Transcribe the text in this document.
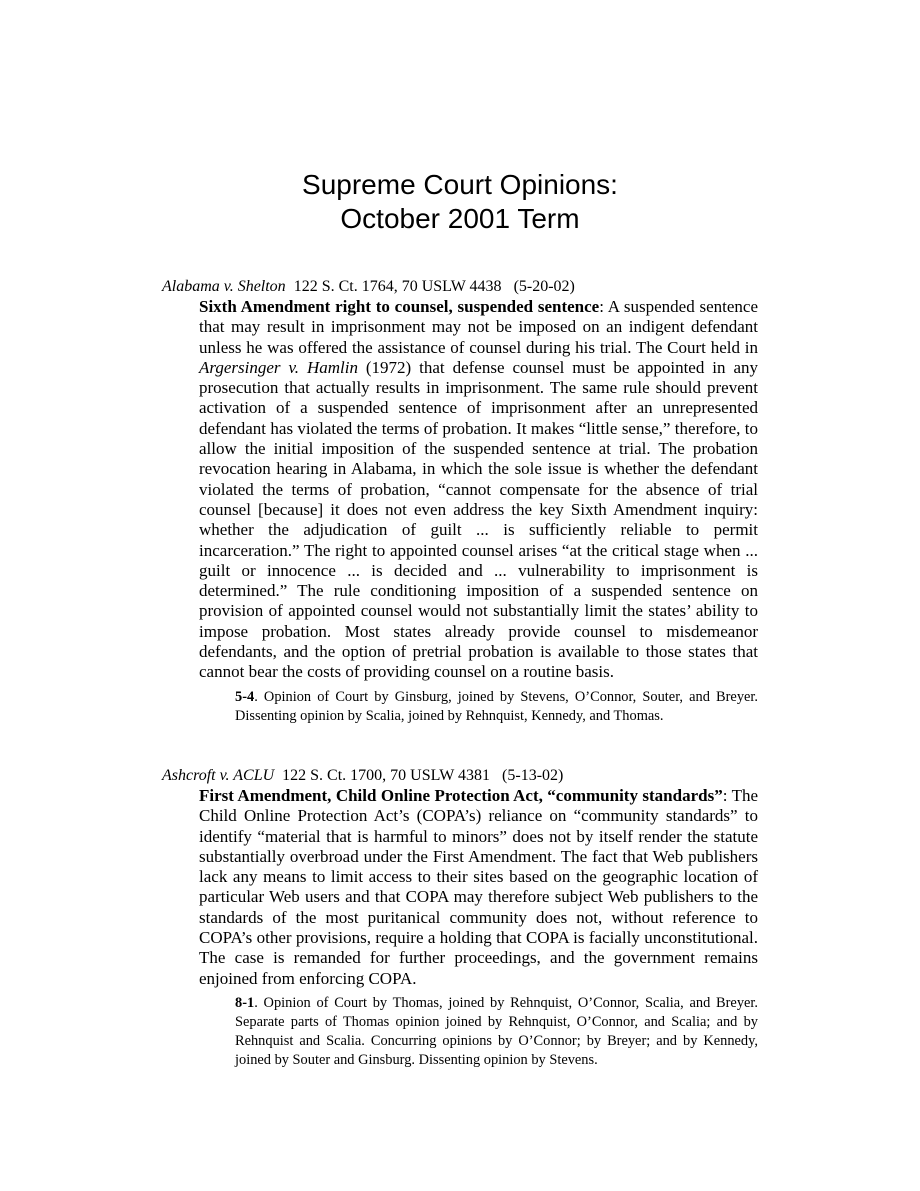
Supreme Court Opinions:
October 2001 Term
Alabama v. Shelton 122 S. Ct. 1764, 70 USLW 4438 (5-20-02)
Sixth Amendment right to counsel, suspended sentence: A suspended sentence that may result in imprisonment may not be imposed on an indigent defendant unless he was offered the assistance of counsel during his trial. The Court held in Argersinger v. Hamlin (1972) that defense counsel must be appointed in any prosecution that actually results in imprisonment. The same rule should prevent activation of a suspended sentence of imprisonment after an unrepresented defendant has violated the terms of probation. It makes “little sense,” therefore, to allow the initial imposition of the suspended sentence at trial. The probation revocation hearing in Alabama, in which the sole issue is whether the defendant violated the terms of probation, “cannot compensate for the absence of trial counsel [because] it does not even address the key Sixth Amendment inquiry: whether the adjudication of guilt ... is sufficiently reliable to permit incarceration.” The right to appointed counsel arises “at the critical stage when ... guilt or innocence ... is decided and ... vulnerability to imprisonment is determined.” The rule conditioning imposition of a suspended sentence on provision of appointed counsel would not substantially limit the states’ ability to impose probation. Most states already provide counsel to misdemeanor defendants, and the option of pretrial probation is available to those states that cannot bear the costs of providing counsel on a routine basis.
5-4. Opinion of Court by Ginsburg, joined by Stevens, O’Connor, Souter, and Breyer. Dissenting opinion by Scalia, joined by Rehnquist, Kennedy, and Thomas.
Ashcroft v. ACLU 122 S. Ct. 1700, 70 USLW 4381 (5-13-02)
First Amendment, Child Online Protection Act, “community standards”: The Child Online Protection Act’s (COPA’s) reliance on “community standards” to identify “material that is harmful to minors” does not by itself render the statute substantially overbroad under the First Amendment. The fact that Web publishers lack any means to limit access to their sites based on the geographic location of particular Web users and that COPA may therefore subject Web publishers to the standards of the most puritanical community does not, without reference to COPA’s other provisions, require a holding that COPA is facially unconstitutional. The case is remanded for further proceedings, and the government remains enjoined from enforcing COPA.
8-1. Opinion of Court by Thomas, joined by Rehnquist, O’Connor, Scalia, and Breyer. Separate parts of Thomas opinion joined by Rehnquist, O’Connor, and Scalia; and by Rehnquist and Scalia. Concurring opinions by O’Connor; by Breyer; and by Kennedy, joined by Souter and Ginsburg. Dissenting opinion by Stevens.
